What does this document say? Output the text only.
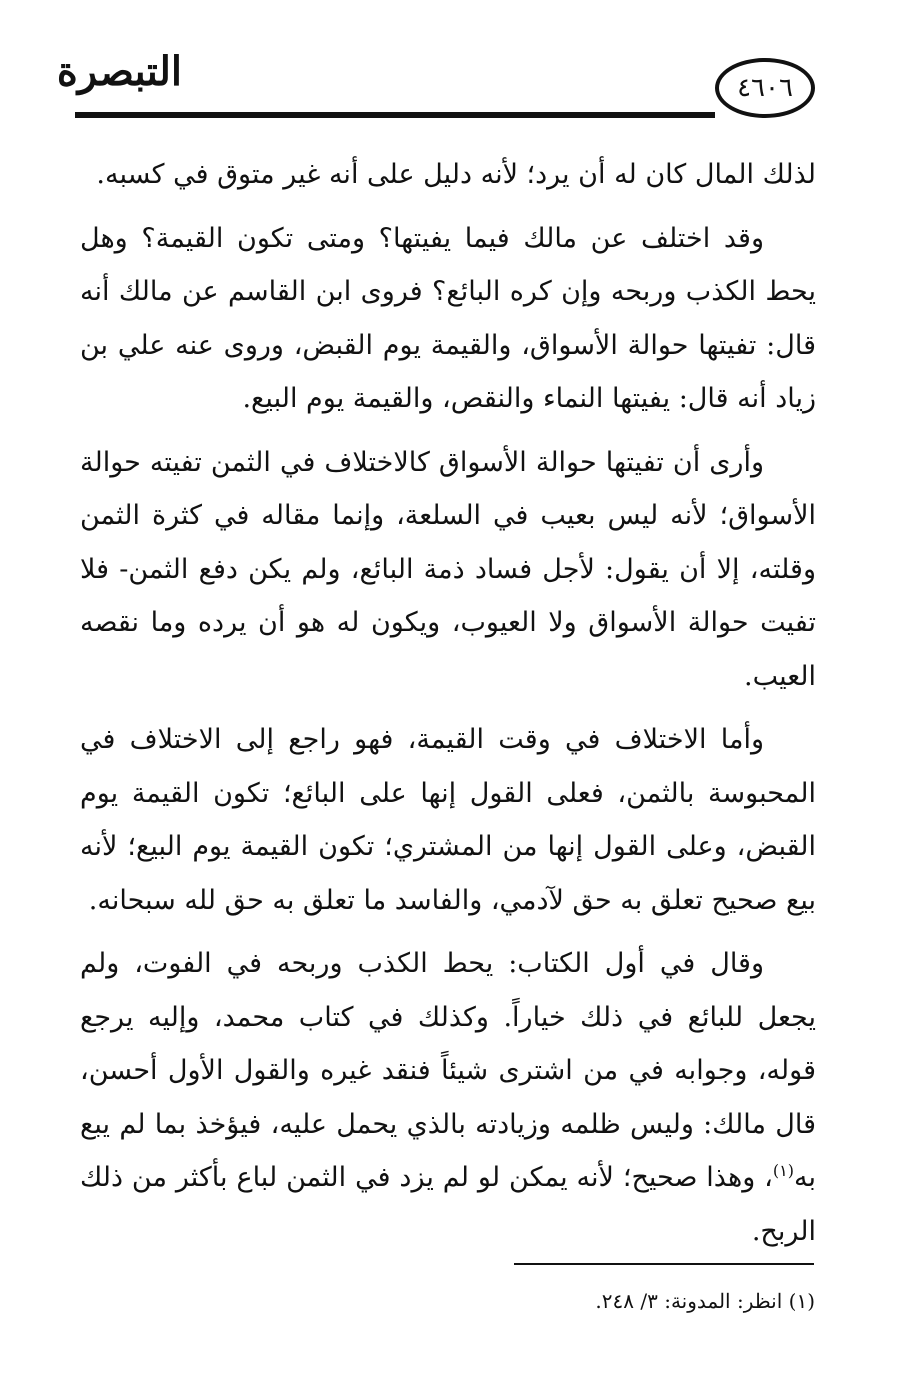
التبصرة	٤٦٠٦

لذلك المال كان له أن يرد؛ لأنه دليل على أنه غير متوق في كسبه.

وقد اختلف عن مالك فيما يفيتها؟ ومتى تكون القيمة؟ وهل يحط الكذب وربحه وإن كره البائع؟ فروى ابن القاسم عن مالك أنه قال: تفيتها حوالة الأسواق، والقيمة يوم القبض، وروى عنه علي بن زياد أنه قال: يفيتها النماء والنقص، والقيمة يوم البيع.

وأرى أن تفيتها حوالة الأسواق كالاختلاف في الثمن تفيته حوالة الأسواق؛ لأنه ليس بعيب في السلعة، وإنما مقاله في كثرة الثمن وقلته، إلا أن يقول: لأجل فساد ذمة البائع، ولم يكن دفع الثمن- فلا تفيت حوالة الأسواق ولا العيوب، ويكون له هو أن يرده وما نقصه العيب.

وأما الاختلاف في وقت القيمة، فهو راجع إلى الاختلاف في المحبوسة بالثمن، فعلى القول إنها على البائع؛ تكون القيمة يوم القبض، وعلى القول إنها من المشتري؛ تكون القيمة يوم البيع؛ لأنه بيع صحيح تعلق به حق لآدمي، والفاسد ما تعلق به حق لله سبحانه.

وقال في أول الكتاب: يحط الكذب وربحه في الفوت، ولم يجعل للبائع في ذلك خياراً. وكذلك في كتاب محمد، وإليه يرجع قوله، وجوابه في من اشترى شيئاً فنقد غيره والقول الأول أحسن، قال مالك: وليس ظلمه وزيادته بالذي يحمل عليه، فيؤخذ بما لم يبع به$^{(١)}$، وهذا صحيح؛ لأنه يمكن لو لم يزد في الثمن لباع بأكثر من ذلك الربح.

(١) انظر: المدونة: ٣/ ٢٤٨.
